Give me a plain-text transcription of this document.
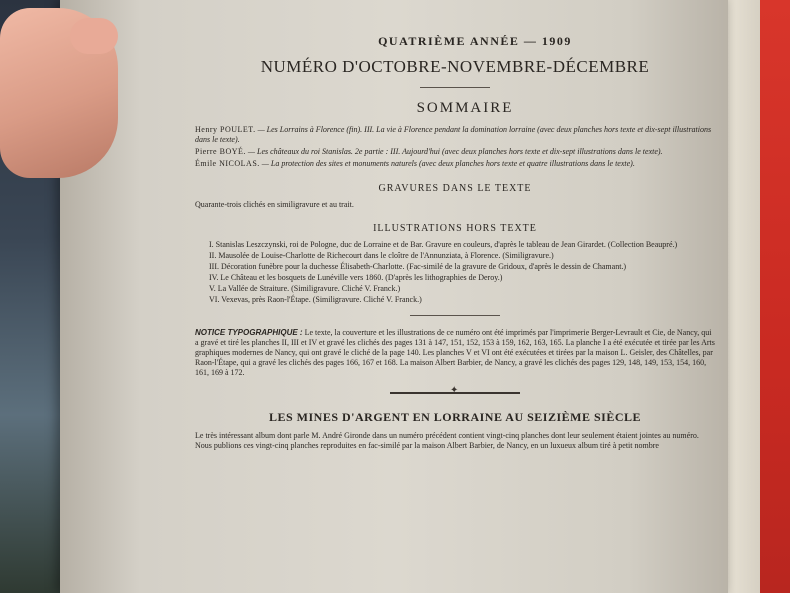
QUATRIÈME ANNÉE — 1909
NUMÉRO D'OCTOBRE-NOVEMBRE-DÉCEMBRE
SOMMAIRE
Henry POULET. — Les Lorrains à Florence (fin). III. La vie à Florence pendant la domination lorraine (avec deux planches hors texte et dix-sept illustrations dans le texte).
Pierre BOYÉ. — Les châteaux du roi Stanislas. 2e partie : III. Aujourd'hui (avec deux planches hors texte et dix-sept illustrations dans le texte).
Émile NICOLAS. — La protection des sites et monuments naturels (avec deux planches hors texte et quatre illustrations dans le texte).
GRAVURES DANS LE TEXTE
Quarante-trois clichés en similigravure et au trait.
ILLUSTRATIONS HORS TEXTE
I. Stanislas Leszczynski, roi de Pologne, duc de Lorraine et de Bar. Gravure en couleurs, d'après le tableau de Jean Girardet. (Collection Beaupré.)
II. Mausolée de Louise-Charlotte de Richecourt dans le cloître de l'Annunziata, à Florence. (Similigravure.)
III. Décoration funèbre pour la duchesse Élisabeth-Charlotte. (Fac-similé de la gravure de Gridoux, d'après le dessin de Chamant.)
IV. Le Château et les bosquets de Lunéville vers 1860. (D'après les lithographies de Deroy.)
V. La Vallée de Straiture. (Similigravure. Cliché V. Franck.)
VI. Vexevas, près Raon-l'Étape. (Similigravure. Cliché V. Franck.)
NOTICE TYPOGRAPHIQUE : Le texte, la couverture et les illustrations de ce numéro ont été imprimés par l'imprimerie Berger-Levrault et Cie, de Nancy, qui a gravé et tiré les planches II, III et IV et gravé les clichés des pages 131 à 147, 151, 152, 153 à 159, 162, 163, 165. La planche I a été exécutée et tirée par les Arts graphiques modernes de Nancy, qui ont gravé le cliché de la page 140. Les planches V et VI ont été exécutées et tirées par la maison L. Geisler, des Châtelles, par Raon-l'Étape, qui a gravé les clichés des pages 166, 167 et 168. La maison Albert Barbier, de Nancy, a gravé les clichés des pages 129, 148, 149, 153, 154, 160, 161, 169 à 172.
✦
LES MINES D'ARGENT EN LORRAINE AU SEIZIÈME SIÈCLE
Le très intéressant album dont parle M. André Gironde dans un numéro précédent contient vingt-cinq planches dont leur seulement étaient jointes au numéro. Nous publions ces vingt-cinq planches reproduites en fac-similé par la maison Albert Barbier, de Nancy, en un luxueux album tiré à petit nombre
